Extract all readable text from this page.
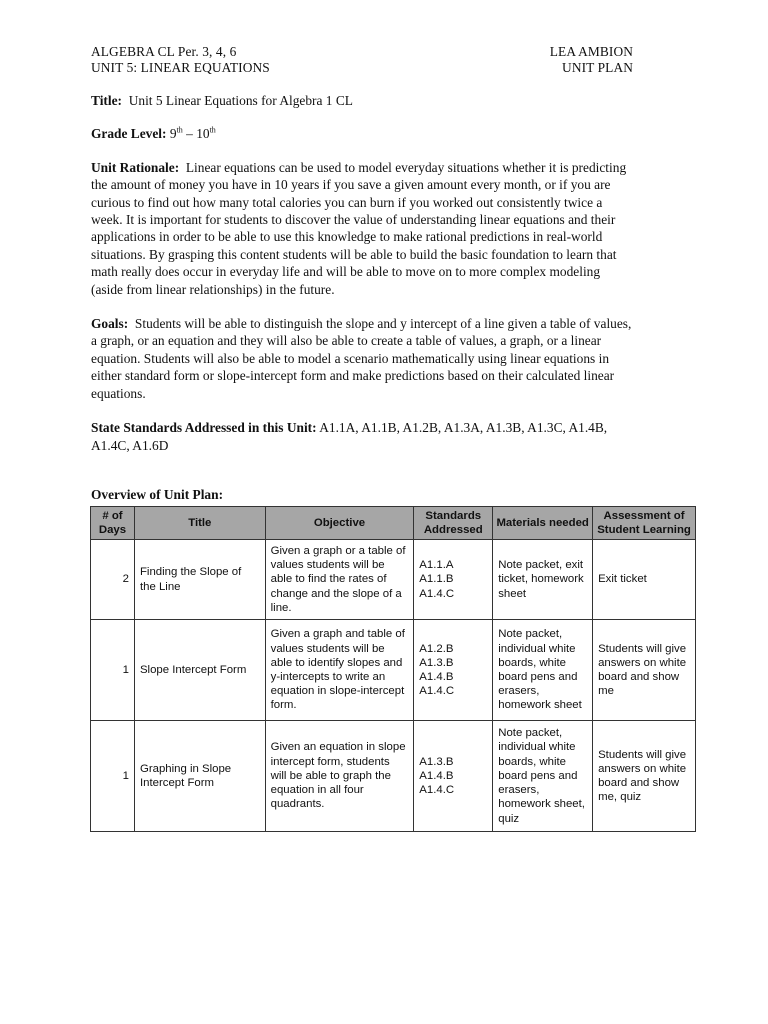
ALGEBRA CL Per. 3, 4, 6	LEA AMBION
UNIT 5: LINEAR EQUATIONS	UNIT PLAN

Title: Unit 5 Linear Equations for Algebra 1 CL

Grade Level: 9th – 10th

Unit Rationale: Linear equations can be used to model everyday situations whether it is predicting the amount of money you have in 10 years if you save a given amount every month, or if you are curious to find out how many total calories you can burn if you worked out consistently twice a week. It is important for students to discover the value of understanding linear equations and their applications in order to be able to use this knowledge to make rational predictions in real-world situations. By grasping this content students will be able to build the basic foundation to learn that math really does occur in everyday life and will be able to move on to more complex modeling (aside from linear relationships) in the future.

Goals: Students will be able to distinguish the slope and y intercept of a line given a table of values, a graph, or an equation and they will also be able to create a table of values, a graph, or a linear equation. Students will also be able to model a scenario mathematically using linear equations in either standard form or slope-intercept form and make predictions based on their calculated linear equations.

State Standards Addressed in this Unit: A1.1A, A1.1B, A1.2B, A1.3A, A1.3B, A1.3C, A1.4B, A1.4C, A1.6D

Overview of Unit Plan:
# of Days	Title	Objective	Standards Addressed	Materials needed	Assessment of Student Learning
2	Finding the Slope of the Line	Given a graph or a table of values students will be able to find the rates of change and the slope of a line.	A1.1.A
A1.1.B
A1.4.C	Note packet, exit ticket, homework sheet	Exit ticket
1	Slope Intercept Form	Given a graph and table of values students will be able to identify slopes and y-intercepts to write an equation in slope-intercept form.	A1.2.B
A1.3.B
A1.4.B
A1.4.C	Note packet, individual white boards, white board pens and erasers, homework sheet	Students will give answers on white board and show me
1	Graphing in Slope Intercept Form	Given an equation in slope intercept form, students will be able to graph the equation in all four quadrants.	A1.3.B
A1.4.B
A1.4.C	Note packet, individual white boards, white board pens and erasers, homework sheet, quiz	Students will give answers on white board and show me, quiz
